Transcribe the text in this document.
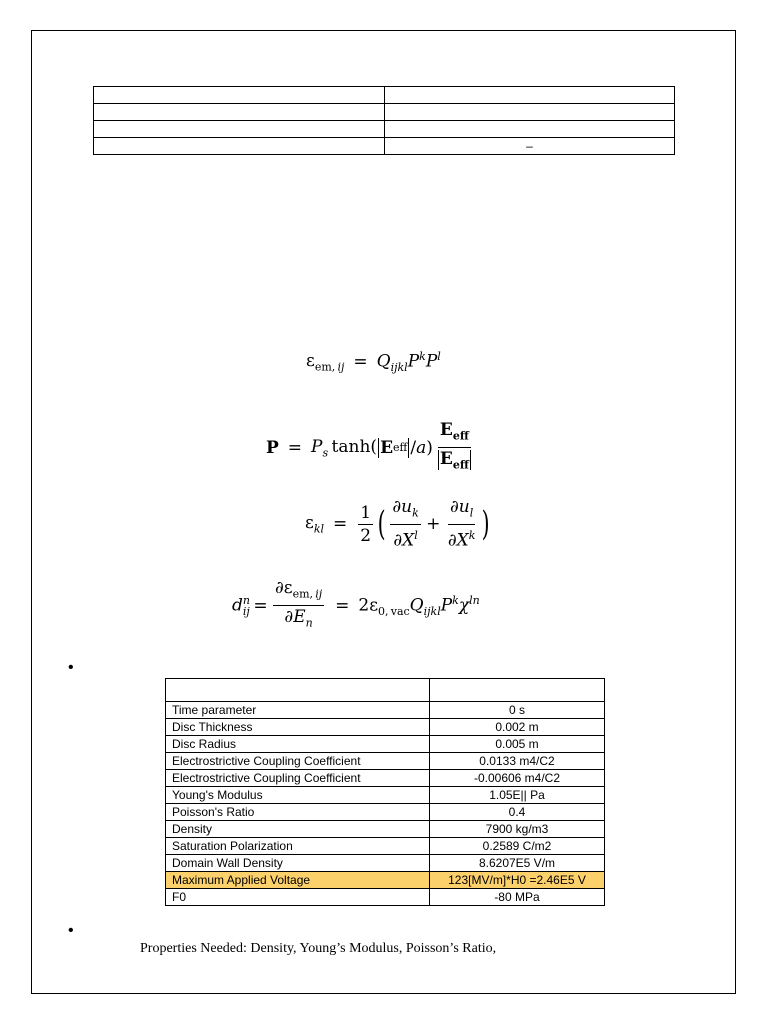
	–
$\varepsilon_{em, ij} = Q_{ijkl}P^kP^l$
$P = P_s$ tanh( E eff $/a) \frac{E_{eff}}{E_{eff}}$
$\varepsilon_{kl} = \frac{1}{2}$ ( $\frac{\partial u_k}{\partial X^l} + \frac{\partial u_l}{\partial X^k}$ )
$d_{ij}^n = \frac{\partial\varepsilon_{em, ij}}{\partial E_n} = 2\varepsilon_{0, vac}Q_{ijkl}P^k\chi^{ln}$
•

Time parameter	0 s
Disc Thickness	0.002 m
Disc Radius	0.005 m
Electrostrictive Coupling Coefficient	0.0133 m4/C2
Electrostrictive Coupling Coefficient	-0.00606 m4/C2
Young's Modulus	1.05E|| Pa
Poisson's Ratio	0.4
Density	7900 kg/m3
Saturation Polarization	0.2589 C/m2
Domain Wall Density	8.6207E5 V/m
Maximum Applied Voltage	123[MV/m]*H0 =2.46E5 V
F0	-80 MPa
•
Properties Needed: Density, Young’s Modulus, Poisson’s Ratio,
